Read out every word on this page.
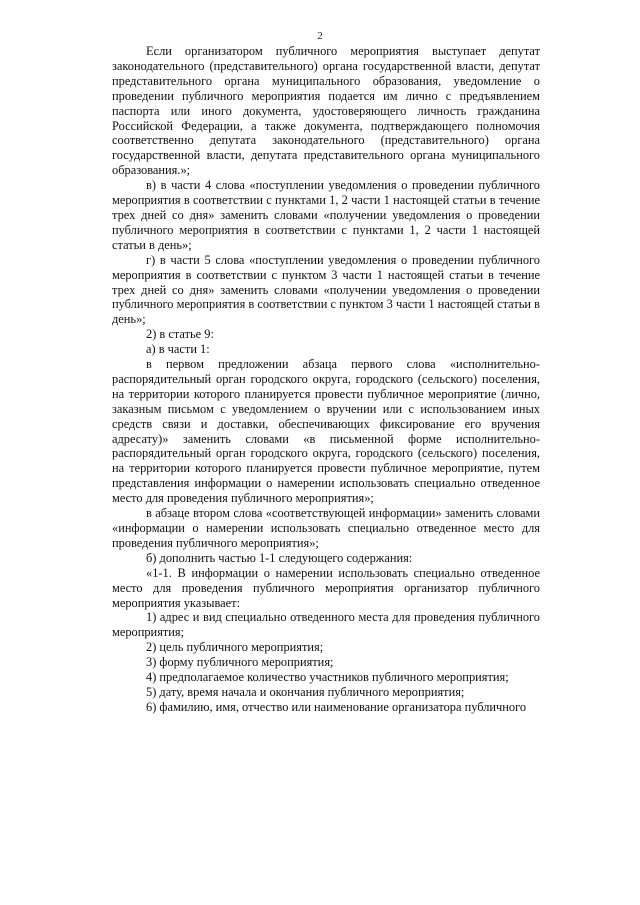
2

Если организатором публичного мероприятия выступает депутат законодательного (представительного) органа государственной власти, депутат представительного органа муниципального образования, уведомление о проведении публичного мероприятия подается им лично с предъявлением паспорта или иного документа, удостоверяющего личность гражданина Российской Федерации, а также документа, подтверждающего полномочия соответственно депутата законодательного (представительного) органа государственной власти, депутата представительного органа муниципального образования.»;

в) в части 4 слова «поступлении уведомления о проведении публичного мероприятия в соответствии с пунктами 1, 2 части 1 настоящей статьи в течение трех дней со дня» заменить словами «получении уведомления о проведении публичного мероприятия в соответствии с пунктами 1, 2 части 1 настоящей статьи в день»;

г) в части 5 слова «поступлении уведомления о проведении публичного мероприятия в соответствии с пунктом 3 части 1 настоящей статьи в течение трех дней со дня» заменить словами «получении уведомления о проведении публичного мероприятия в соответствии с пунктом 3 части 1 настоящей статьи в день»;

2) в статье 9:

а) в части 1:

в первом предложении абзаца первого слова «исполнительно-распорядительный орган городского округа, городского (сельского) поселения, на территории которого планируется провести публичное мероприятие (лично, заказным письмом с уведомлением о вручении или с использованием иных средств связи и доставки, обеспечивающих фиксирование его вручения адресату)» заменить словами «в письменной форме исполнительно-распорядительный орган городского округа, городского (сельского) поселения, на территории которого планируется провести публичное мероприятие, путем представления информации о намерении использовать специально отведенное место для проведения публичного мероприятия»;

в абзаце втором слова «соответствующей информации» заменить словами «информации о намерении использовать специально отведенное место для проведения публичного мероприятия»;

б) дополнить частью 1-1 следующего содержания:

«1-1. В информации о намерении использовать специально отведенное место для проведения публичного мероприятия организатор публичного мероприятия указывает:

1) адрес и вид специально отведенного места для проведения публичного мероприятия;

2) цель публичного мероприятия;

3) форму публичного мероприятия;

4) предполагаемое количество участников публичного мероприятия;

5) дату, время начала и окончания публичного мероприятия;

6) фамилию, имя, отчество или наименование организатора публичного
